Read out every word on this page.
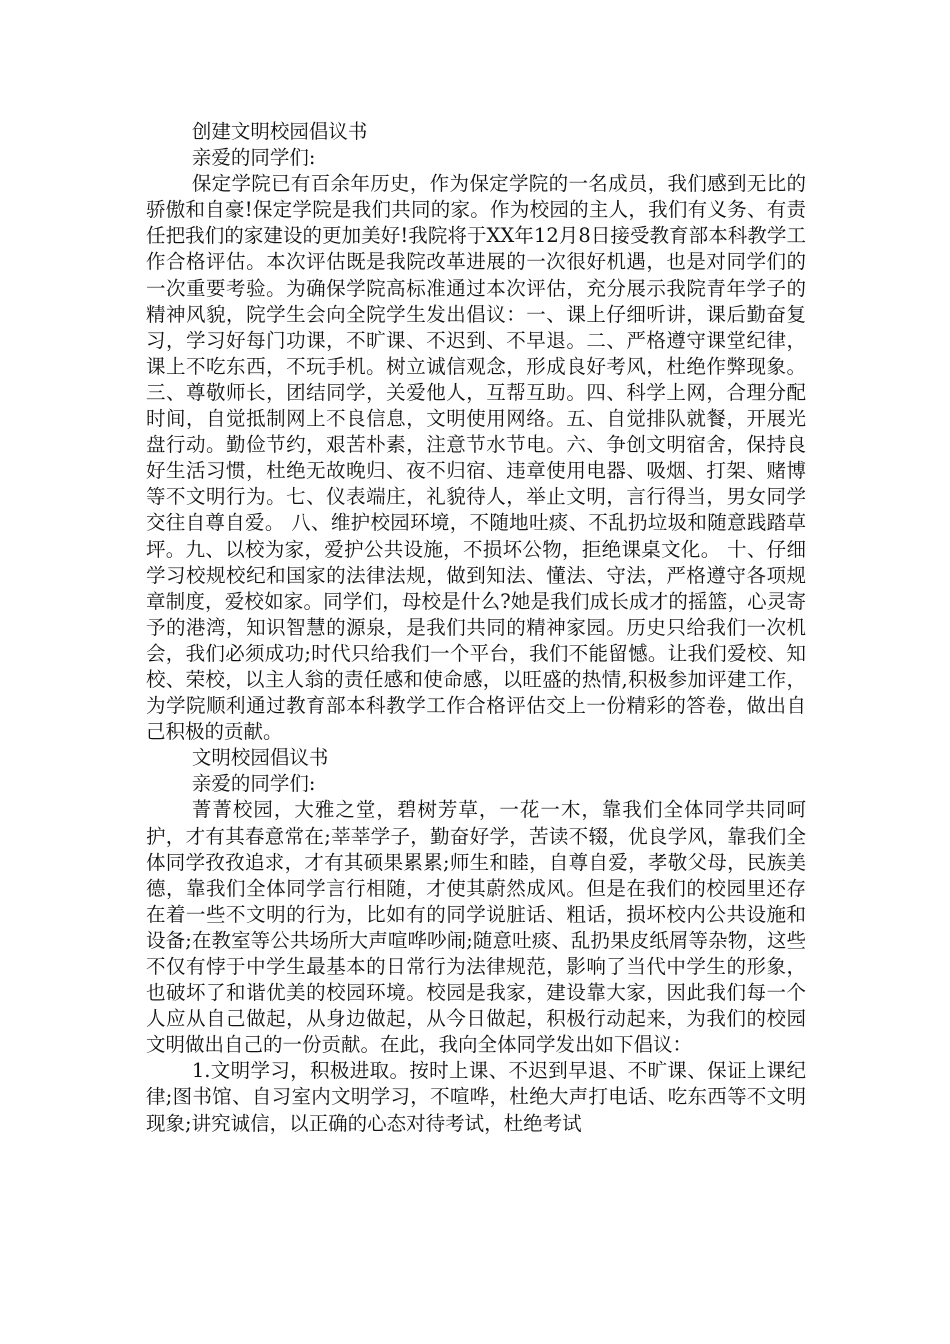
创建文明校园倡议书

亲爱的同学们:

保定学院已有百余年历史，作为保定学院的一名成员，我们感到无比的骄傲和自豪!保定学院是我们共同的家。作为校园的主人，我们有义务、有责任把我们的家建设的更加美好!我院将于XX年12月8日接受教育部本科教学工作合格评估。本次评估既是我院改革进展的一次很好机遇，也是对同学们的一次重要考验。为确保学院高标准通过本次评估，充分展示我院青年学子的精神风貌，院学生会向全院学生发出倡议：一、课上仔细听讲，课后勤奋复习，学习好每门功课，不旷课、不迟到、不早退。二、严格遵守课堂纪律，课上不吃东西，不玩手机。树立诚信观念，形成良好考风，杜绝作弊现象。三、尊敬师长，团结同学，关爱他人，互帮互助。四、科学上网，合理分配时间，自觉抵制网上不良信息，文明使用网络。五、自觉排队就餐，开展光盘行动。勤俭节约，艰苦朴素，注意节水节电。六、争创文明宿舍，保持良好生活习惯，杜绝无故晚归、夜不归宿、违章使用电器、吸烟、打架、赌博等不文明行为。七、仪表端庄，礼貌待人，举止文明，言行得当，男女同学交往自尊自爱。 八、维护校园环境，不随地吐痰、不乱扔垃圾和随意践踏草坪。九、以校为家，爱护公共设施，不损坏公物，拒绝课桌文化。 十、仔细学习校规校纪和国家的法律法规，做到知法、懂法、守法，严格遵守各项规章制度，爱校如家。同学们，母校是什么?她是我们成长成才的摇篮，心灵寄予的港湾，知识智慧的源泉，是我们共同的精神家园。历史只给我们一次机会，我们必须成功;时代只给我们一个平台，我们不能留憾。让我们爱校、知校、荣校，以主人翁的责任感和使命感，以旺盛的热情,积极参加评建工作，为学院顺利通过教育部本科教学工作合格评估交上一份精彩的答卷，做出自己积极的贡献。

文明校园倡议书

亲爱的同学们:

菁菁校园，大雅之堂，碧树芳草，一花一木，靠我们全体同学共同呵护，才有其春意常在;莘莘学子，勤奋好学，苦读不辍，优良学风，靠我们全体同学孜孜追求，才有其硕果累累;师生和睦，自尊自爱，孝敬父母，民族美德，靠我们全体同学言行相随，才使其蔚然成风。但是在我们的校园里还存在着一些不文明的行为，比如有的同学说脏话、粗话，损坏校内公共设施和设备;在教室等公共场所大声喧哗吵闹;随意吐痰、乱扔果皮纸屑等杂物，这些不仅有悖于中学生最基本的日常行为法律规范，影响了当代中学生的形象，也破坏了和谐优美的校园环境。校园是我家，建设靠大家，因此我们每一个人应从自己做起，从身边做起，从今日做起，积极行动起来，为我们的校园文明做出自己的一份贡献。在此，我向全体同学发出如下倡议：

1.文明学习，积极进取。按时上课、不迟到早退、不旷课、保证上课纪律;图书馆、自习室内文明学习，不喧哗，杜绝大声打电话、吃东西等不文明现象;讲究诚信，以正确的心态对待考试，杜绝考试
